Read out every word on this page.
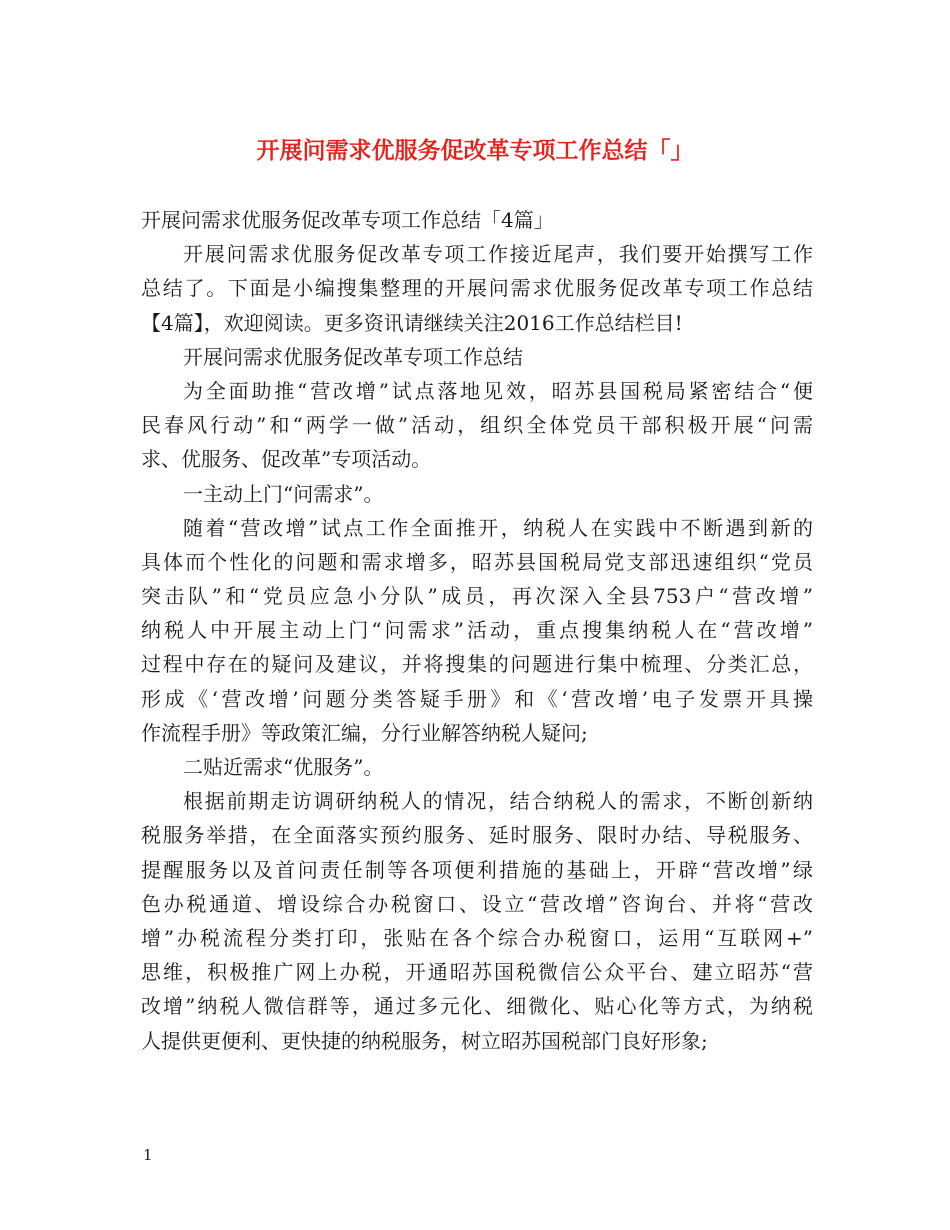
开展问需求优服务促改革专项工作总结「」
开展问需求优服务促改革专项工作总结「4篇」
开展问需求优服务促改革专项工作接近尾声，我们要开始撰写工作
总结了。下面是小编搜集整理的开展问需求优服务促改革专项工作总结
【4篇】，欢迎阅读。更多资讯请继续关注2016工作总结栏目!
开展问需求优服务促改革专项工作总结
为全面助推“营改增”试点落地见效，昭苏县国税局紧密结合“便
民春风行动”和“两学一做”活动，组织全体党员干部积极开展“问需
求、优服务、促改革”专项活动。
一主动上门“问需求”。
随着“营改增”试点工作全面推开，纳税人在实践中不断遇到新的
具体而个性化的问题和需求增多，昭苏县国税局党支部迅速组织“党员
突击队”和“党员应急小分队”成员，再次深入全县753户“营改增”
纳税人中开展主动上门“问需求”活动，重点搜集纳税人在“营改增”
过程中存在的疑问及建议，并将搜集的问题进行集中梳理、分类汇总，
形成《‘营改增’问题分类答疑手册》和《‘营改增’电子发票开具操
作流程手册》等政策汇编，分行业解答纳税人疑问;
二贴近需求“优服务”。
根据前期走访调研纳税人的情况，结合纳税人的需求，不断创新纳
税服务举措，在全面落实预约服务、延时服务、限时办结、导税服务、
提醒服务以及首问责任制等各项便利措施的基础上，开辟“营改增”绿
色办税通道、增设综合办税窗口、设立“营改增”咨询台、并将“营改
增”办税流程分类打印，张贴在各个综合办税窗口，运用“互联网+”
思维，积极推广网上办税，开通昭苏国税微信公众平台、建立昭苏“营
改增”纳税人微信群等，通过多元化、细微化、贴心化等方式，为纳税
人提供更便利、更快捷的纳税服务，树立昭苏国税部门良好形象;
1
